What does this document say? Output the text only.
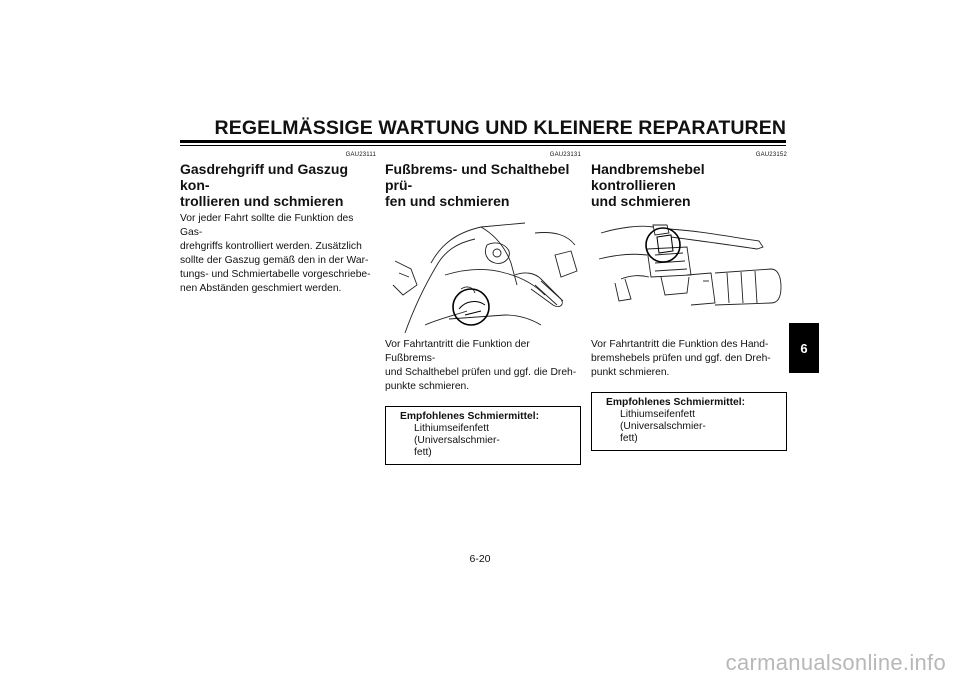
REGELMÄSSIGE WARTUNG UND KLEINERE REPARATUREN
GAU23111
Gasdrehgriff und Gaszug kon-
trollieren und schmieren

Vor jeder Fahrt sollte die Funktion des Gas-
drehgriffs kontrolliert werden. Zusätzlich
sollte der Gaszug gemäß den in der War-
tungs- und Schmiertabelle vorgeschriebe-
nen Abständen geschmiert werden.

GAU23131
Fußbrems- und Schalthebel prü-
fen und schmieren

Vor Fahrtantritt die Funktion der Fußbrems-
und Schalthebel prüfen und ggf. die Dreh-
punkte schmieren.

Empfohlenes Schmiermittel:
Lithiumseifenfett (Universalschmier-
fett)
GAU23152
Handbremshebel kontrollieren
und schmieren

Vor Fahrtantritt die Funktion des Hand-
bremshebels prüfen und ggf. den Dreh-
punkt schmieren.

Empfohlenes Schmiermittel:
Lithiumseifenfett (Universalschmier-
fett)
6
6-20
carmanualsonline.info
